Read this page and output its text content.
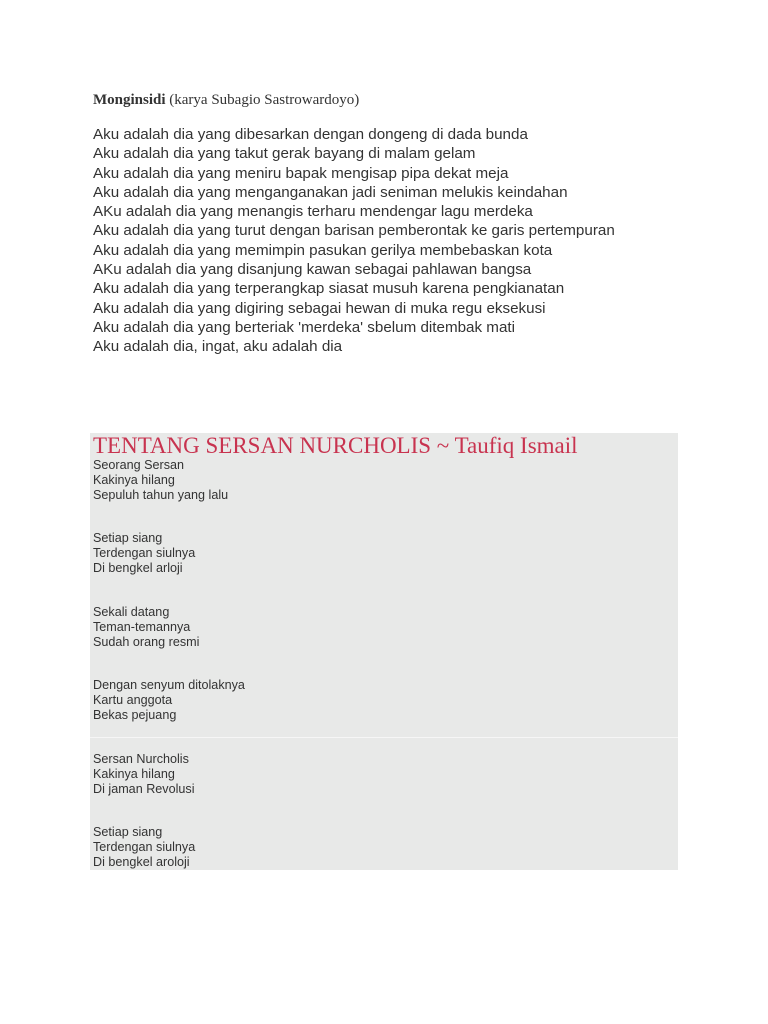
Monginsidi (karya Subagio Sastrowardoyo)
Aku adalah dia yang dibesarkan dengan dongeng di dada bunda
Aku adalah dia yang takut gerak bayang di malam gelam
Aku adalah dia yang meniru bapak mengisap pipa dekat meja
Aku adalah dia yang menganganakan jadi seniman melukis keindahan
AKu adalah dia yang menangis terharu mendengar lagu merdeka
Aku adalah dia yang turut dengan barisan pemberontak ke garis pertempuran
Aku adalah dia yang memimpin pasukan gerilya membebaskan kota
AKu adalah dia yang disanjung kawan sebagai pahlawan bangsa
Aku adalah dia yang terperangkap siasat musuh karena pengkianatan
Aku adalah dia yang digiring sebagai hewan di muka regu eksekusi
Aku adalah dia yang berteriak 'merdeka' sbelum ditembak mati
Aku adalah dia, ingat, aku adalah dia
TENTANG SERSAN NURCHOLIS ~ Taufiq Ismail
Seorang Sersan
Kakinya hilang
Sepuluh tahun yang lalu
Setiap siang
Terdengan siulnya
Di bengkel arloji
Sekali datang
Teman-temannya
Sudah orang resmi
Dengan senyum ditolaknya
Kartu anggota
Bekas pejuang
Sersan Nurcholis
Kakinya hilang
Di jaman Revolusi
Setiap siang
Terdengan siulnya
Di bengkel aroloji
